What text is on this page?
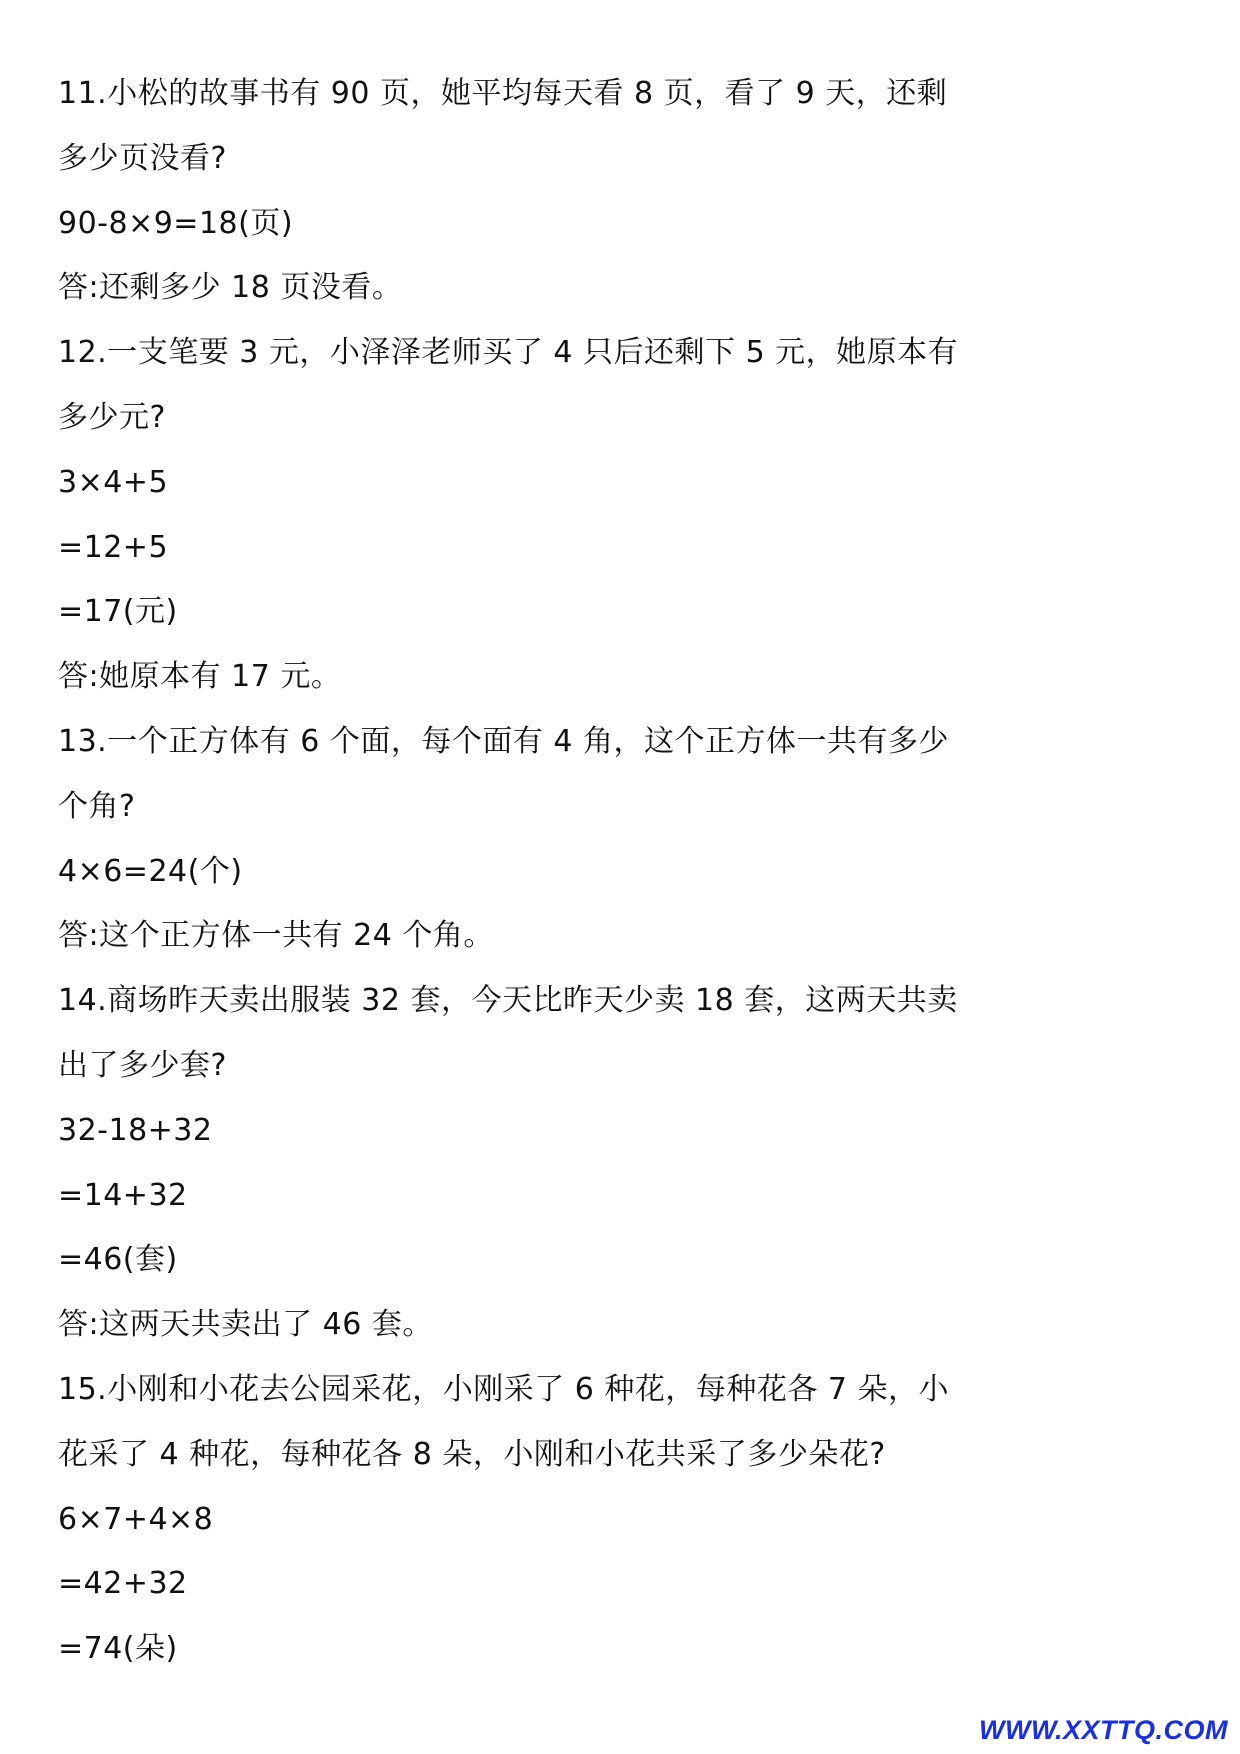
11.小松的故事书有 90 页，她平均每天看 8 页，看了 9 天，还剩
多少页没看?
90-8×9=18(页)
答:还剩多少 18 页没看。
12.一支笔要 3 元，小泽泽老师买了 4 只后还剩下 5 元，她原本有
多少元?
3×4+5
=12+5
=17(元)
答:她原本有 17 元。
13.一个正方体有 6 个面，每个面有 4 角，这个正方体一共有多少
个角?
4×6=24(个)
答:这个正方体一共有 24 个角。
14.商场昨天卖出服装 32 套，今天比昨天少卖 18 套，这两天共卖
出了多少套?
32-18+32
=14+32
=46(套)
答:这两天共卖出了 46 套。
15.小刚和小花去公园采花，小刚采了 6 种花，每种花各 7 朵，小
花采了 4 种花，每种花各 8 朵，小刚和小花共采了多少朵花?
6×7+4×8
=42+32
=74(朵)
WWW.XXTTQ.COM
